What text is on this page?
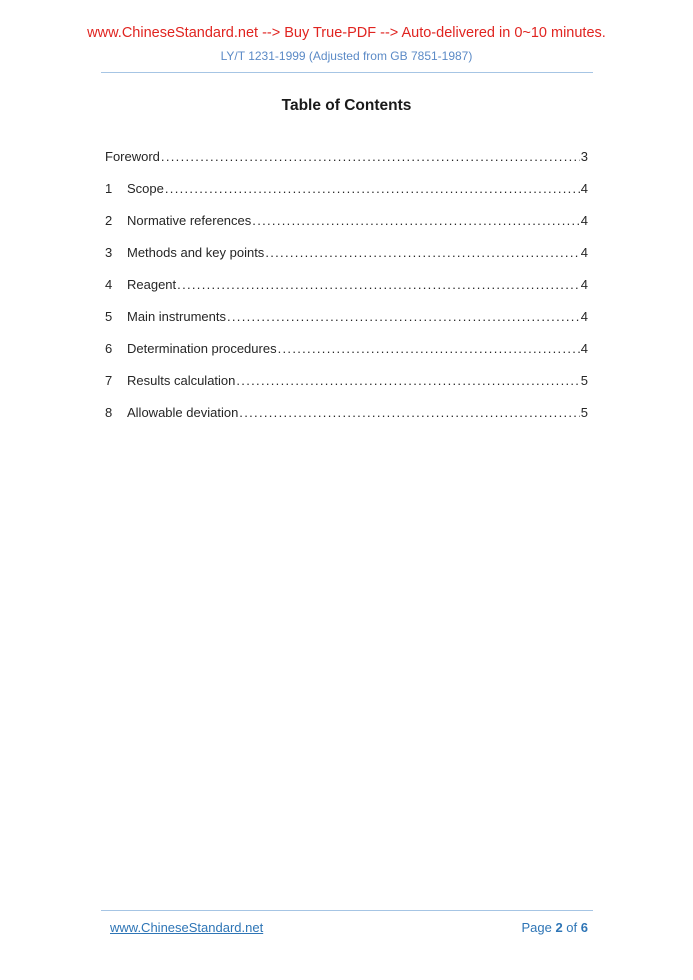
www.ChineseStandard.net --> Buy True-PDF --> Auto-delivered in 0~10 minutes.
LY/T 1231-1999 (Adjusted from GB 7851-1987)
Table of Contents
Foreword .....	3
1	Scope .....	4
2	Normative references .....	4
3	Methods and key points .....	4
4	Reagent .....	4
5	Main instruments .....	4
6	Determination procedures .....	4
7	Results calculation .....	5
8	Allowable deviation .....	5
www.ChineseStandard.net	Page 2 of 6
